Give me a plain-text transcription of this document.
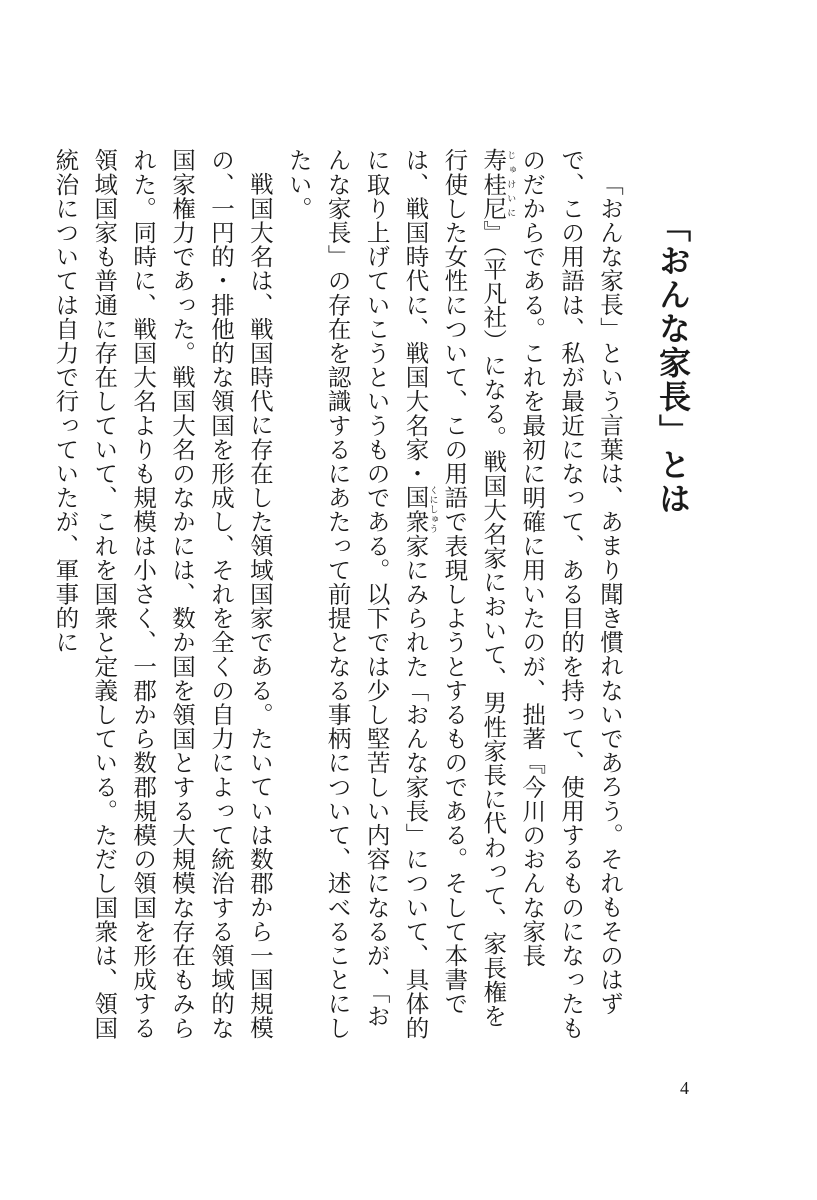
「おんな家長」とは

「おんな家長」という言葉は、あまり聞き慣れないであろう。それもそのはずで、この用語は、私が最近になって、ある目的を持って、使用するものになったものだからである。これを最初に明確に用いたのが、拙著『今川のおんな家長　寿桂尼じゅけいに』（平凡社）になる。戦国大名家において、男性家長に代わって、家長権を行使した女性について、この用語で表現しようとするものである。そして本書では、戦国時代に、戦国大名家・国衆くにしゅう家にみられた「おんな家長」について、具体的に取り上げていこうというものである。以下では少し堅苦しい内容になるが、「おんな家長」の存在を認識するにあたって前提となる事柄について、述べることにしたい。

戦国大名は、戦国時代に存在した領域国家である。たいていは数郡から一国規模の、一円的・排他的な領国を形成し、それを全くの自力によって統治する領域的な国家権力であった。戦国大名のなかには、数か国を領国とする大規模な存在もみられた。同時に、戦国大名よりも規模は小さく、一郡から数郡規模の領国を形成する領域国家も普通に存在していて、これを国衆と定義している。ただし国衆は、領国統治については自力で行っていたが、軍事的に

4
